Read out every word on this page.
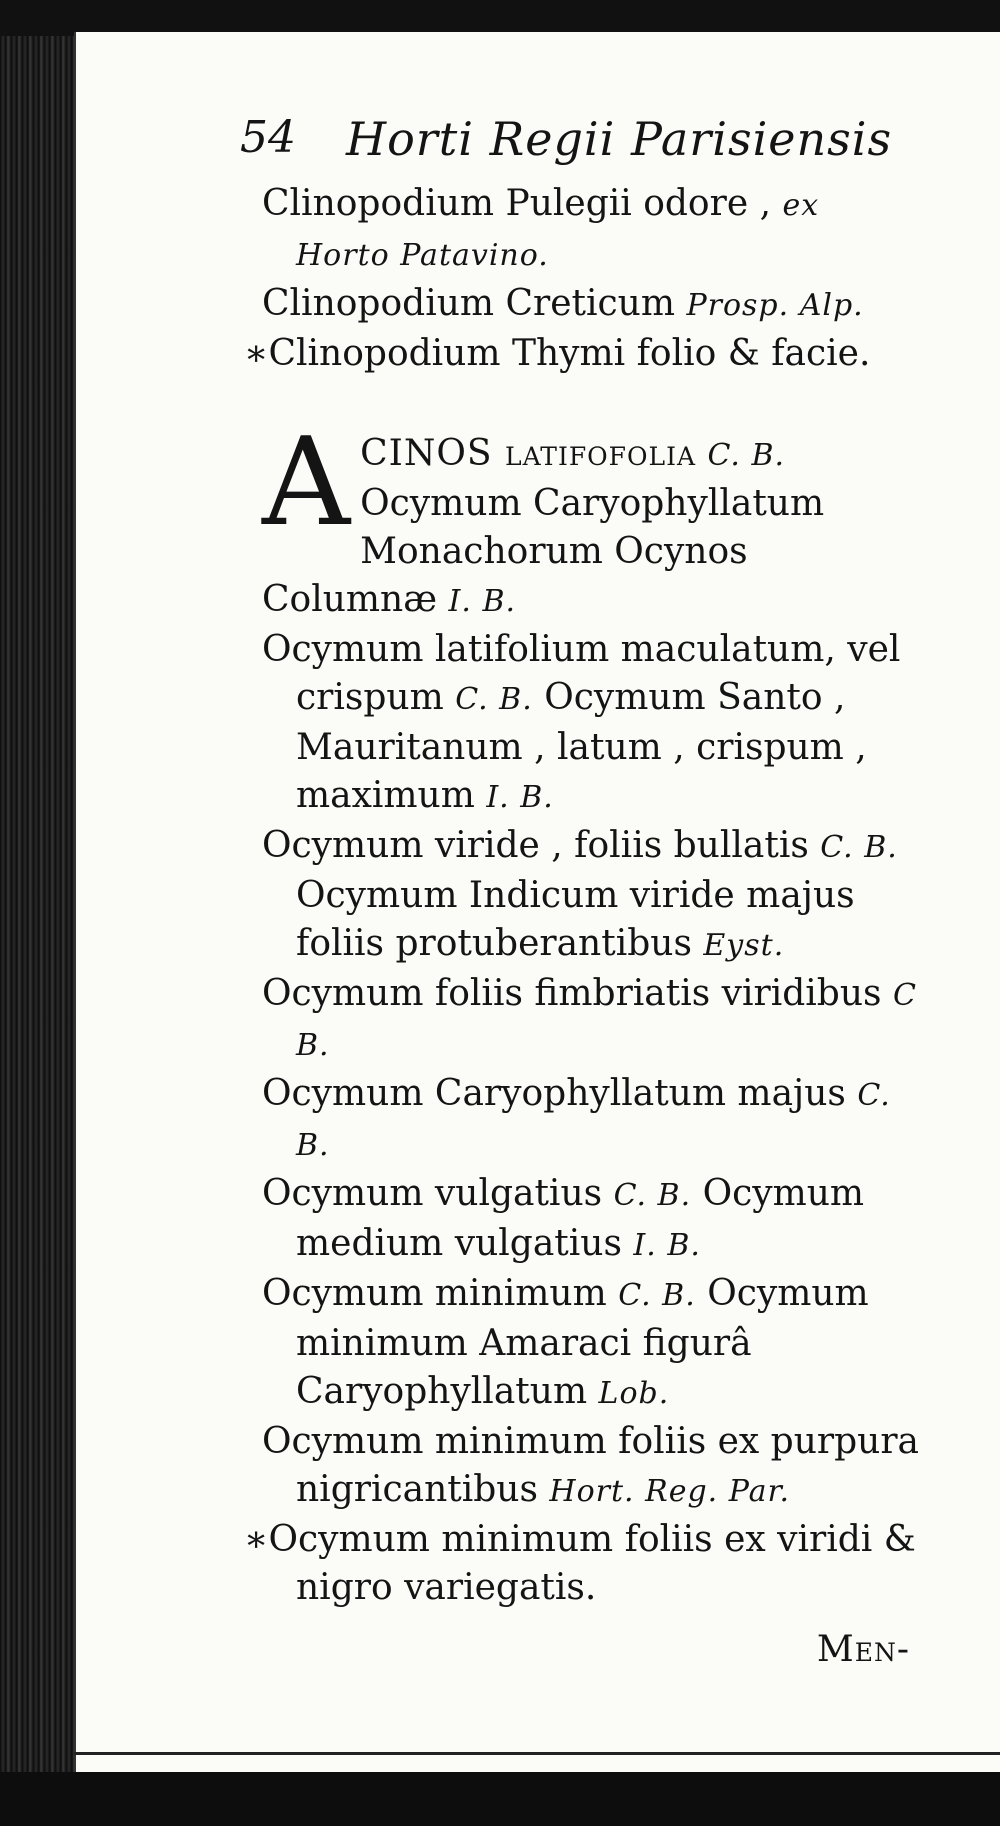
54 Horti Regii Parisiensis

Clinopodium Pulegii odore , ex Horto Patavino.

Clinopodium Creticum Prosp. Alp.

∗Clinopodium Thymi folio & facie.

A CINOS latifofolia C. B. Ocymum Caryophyllatum Monachorum Ocynos Columnæ I. B.

Ocymum latifolium maculatum, vel crispum C. B. Ocymum Santo , Mauritanum , latum , crispum , maximum I. B.

Ocymum viride , foliis bullatis C. B. Ocymum Indicum viride majus foliis protuberantibus Eyst.

Ocymum foliis fimbriatis viridibus C B.

Ocymum Caryophyllatum majus C. B.

Ocymum vulgatius C. B. Ocymum medium vulgatius I. B.

Ocymum minimum C. B. Ocymum minimum Amaraci figurâ Caryophyllatum Lob.

Ocymum minimum foliis ex purpura nigricantibus Hort. Reg. Par.

∗Ocymum minimum foliis ex viridi & nigro variegatis.

Men-
